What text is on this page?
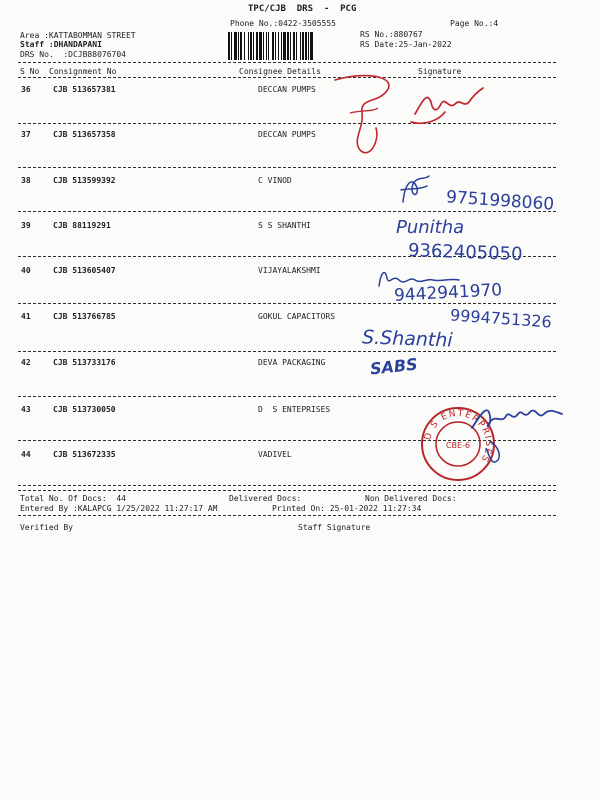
TPC/CJB  DRS  -  PCG
Phone No.:0422-3505555	Page No.:4
Area :KATTABOMMAN STREET
Staff :DHANDAPANI
DRS No.  :DCJB88076704
RS No.:880767
RS Date:25-Jan-2022
S No Consignment No	Consignee Details	Signature
36	CJB 513657381	DECCAN PUMPS
37	CJB 513657358	DECCAN PUMPS
38	CJB 513599392	C VINOD
39	CJB 88119291	S S SHANTHI
40	CJB 513605407	VIJAYALAKSHMI
41	CJB 513766785	GOKUL CAPACITORS
42	CJB 513733176	DEVA PACKAGING
43	CJB 513730050	D  S ENTEPRISES
44	CJB 513672335	VADIVEL
9751998060
Punitha
9362405050
9442941970
9994751326
S.Shanthi
SABS
D S ENTERPRISES
CBE-6
Total No. Of Docs:  44	Delivered Docs:	Non Delivered Docs:
Entered By :KALAPCG 1/25/2022 11:27:17 AM	Printed On: 25-01-2022 11:27:34
Verified By	Staff Signature
